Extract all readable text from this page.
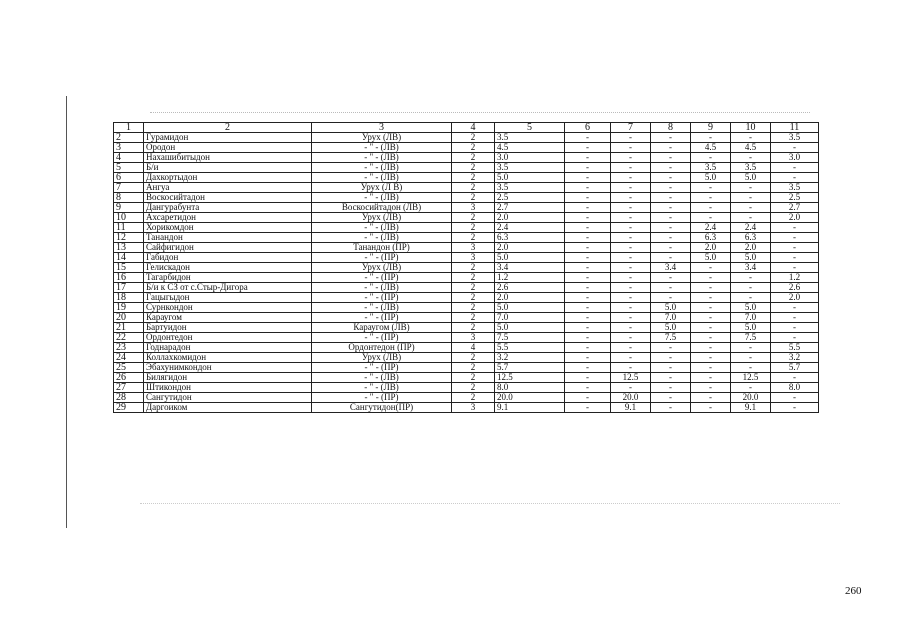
1	2	3	4	5	6	7	8	9	10	11
2	Гурамидон	Урух (ЛВ)	2	3.5	-	-	-	-	-	3.5
3	Ородон	- " - (ЛВ)	2	4.5	-	-	-	4.5	4.5	-
4	Нахашибитыдон	- " - (ЛВ)	2	3.0	-	-	-	-	-	3.0
5	Б/и	- " - (ЛВ)	2	3.5	-	-	-	3.5	3.5	-
6	Дахкортыдон	- " - (ЛВ)	2	5.0	-	-	-	5.0	5.0	-
7	Ангуа	Урух (Л В)	2	3.5	-	-	-	-	-	3.5
8	Воскосийтадон	- " - (ЛВ)	2	2.5	-	-	-	-	-	2.5
9	Дангурабунта	Воскосийтадон (ЛВ)	3	2.7	-	-	-	-	-	2.7
10	Ахсаретидон	Урух (ЛВ)	2	2.0	-	-	-	-	-	2.0
11	Хорикомдон	- " - (ЛВ)	2	2.4	-	-	-	2.4	2.4	-
12	Танандон	- " - (ЛВ)	2	6.3	-	-	-	6.3	6.3	-
13	Сайфигидон	Танандон (ПР)	3	2.0	-	-	-	2.0	2.0	-
14	Габидон	- " - (ПР)	3	5.0	-	-	-	5.0	5.0	-
15	Гелискадон	Урух (ЛВ)	2	3.4	-	-	3.4	-	3.4	-
16	Тагарбидон	- " - (ПР)	2	1.2	-	-	-	-	-	1.2
17	Б/и к СЗ от с.Стыр-Дигора	- " - (ЛВ)	2	2.6	-	-	-	-	-	2.6
18	Гацыгыдон	- " - (ПР)	2	2.0	-	-	-	-	-	2.0
19	Сурнкондон	- " - (ЛВ)	2	5.0	-	-	5.0	-	5.0	-
20	Караугом	- " - (ПР)	2	7.0	-	-	7.0	-	7.0	-
21	Бартуидон	Караугом (ЛВ)	2	5.0	-	-	5.0	-	5.0	-
22	Ордонтедон	- " - (ПР)	3	7.5	-	-	7.5	-	7.5	-
23	Годнарадон	Ордонтедон (ПР)	4	5.5	-	-	-	-	-	5.5
24	Коллахкомидон	Урух (ЛВ)	2	3.2	-	-	-	-	-	3.2
25	Эбахунимкондон	- " - (ПР)	2	5.7	-	-	-	-	-	5.7
26	Билягидон	- " - (ЛВ)	2	12.5	-	12.5	-	-	12.5	-
27	Штикондон	- " - (ЛВ)	2	8.0	-	-	-	-	-	8.0
28	Сангутидон	- " - (ПР)	2	20.0	-	20.0	-	-	20.0	-
29	Даргоиком	Сангутидон(ПР)	3	9.1	-	9.1	-	-	9.1	-
260
